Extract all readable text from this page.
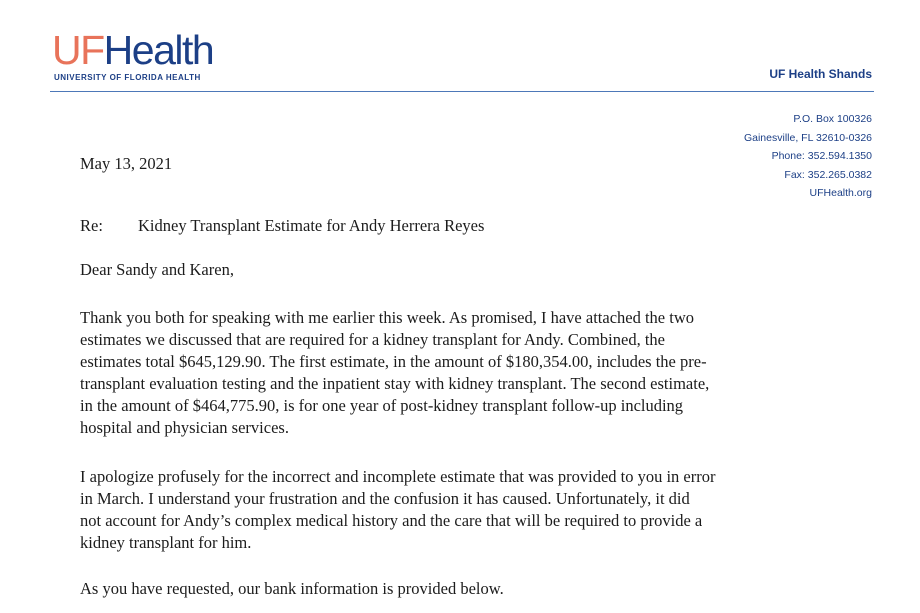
UFHealth
UNIVERSITY OF FLORIDA HEALTH	UF Health Shands
P.O. Box 100326
Gainesville, FL 32610-0326
Phone: 352.594.1350
Fax: 352.265.0382
UFHealth.org
May 13, 2021
Re: Kidney Transplant Estimate for Andy Herrera Reyes
Dear Sandy and Karen,
Thank you both for speaking with me earlier this week. As promised, I have attached the two
estimates we discussed that are required for a kidney transplant for Andy. Combined, the
estimates total $645,129.90. The first estimate, in the amount of $180,354.00, includes the pre-
transplant evaluation testing and the inpatient stay with kidney transplant. The second estimate,
in the amount of $464,775.90, is for one year of post-kidney transplant follow-up including
hospital and physician services.
I apologize profusely for the incorrect and incomplete estimate that was provided to you in error
in March. I understand your frustration and the confusion it has caused. Unfortunately, it did
not account for Andy’s complex medical history and the care that will be required to provide a
kidney transplant for him.
As you have requested, our bank information is provided below.
